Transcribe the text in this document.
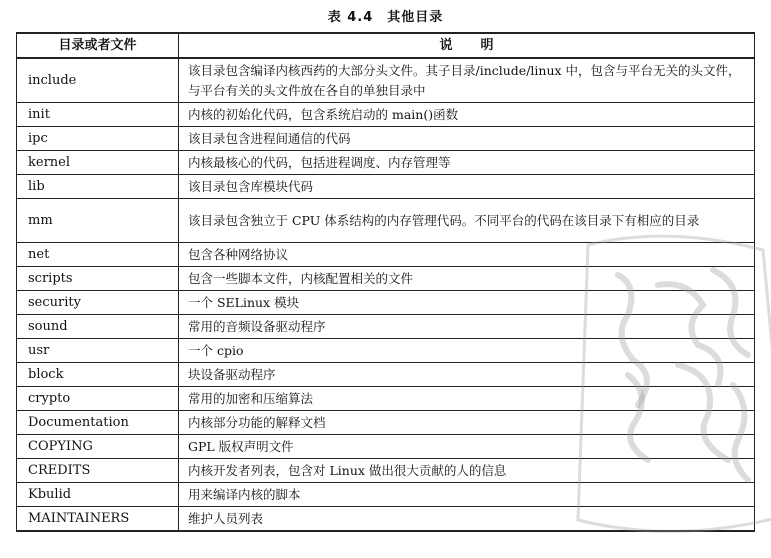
表 4.4 其他目录
目录或者文件	说明
include	该目录包含编译内核西药的大部分头文件。其子目录/include/linux 中，包含与平台无关的头文件，与平台有关的头文件放在各自的单独目录中
init	内核的初始化代码，包含系统启动的 main()函数
ipc	该目录包含进程间通信的代码
kernel	内核最核心的代码，包括进程调度、内存管理等
lib	该目录包含库模块代码
mm	该目录包含独立于 CPU 体系结构的内存管理代码。不同平台的代码在该目录下有相应的目录
net	包含各种网络协议
scripts	包含一些脚本文件，内核配置相关的文件
security	一个 SELinux 模块
sound	常用的音频设备驱动程序
usr	一个 cpio
block	块设备驱动程序
crypto	常用的加密和压缩算法
Documentation	内核部分功能的解释文档
COPYING	GPL 版权声明文件
CREDITS	内核开发者列表，包含对 Linux 做出很大贡献的人的信息
Kbulid	用来编译内核的脚本
MAINTAINERS	维护人员列表
